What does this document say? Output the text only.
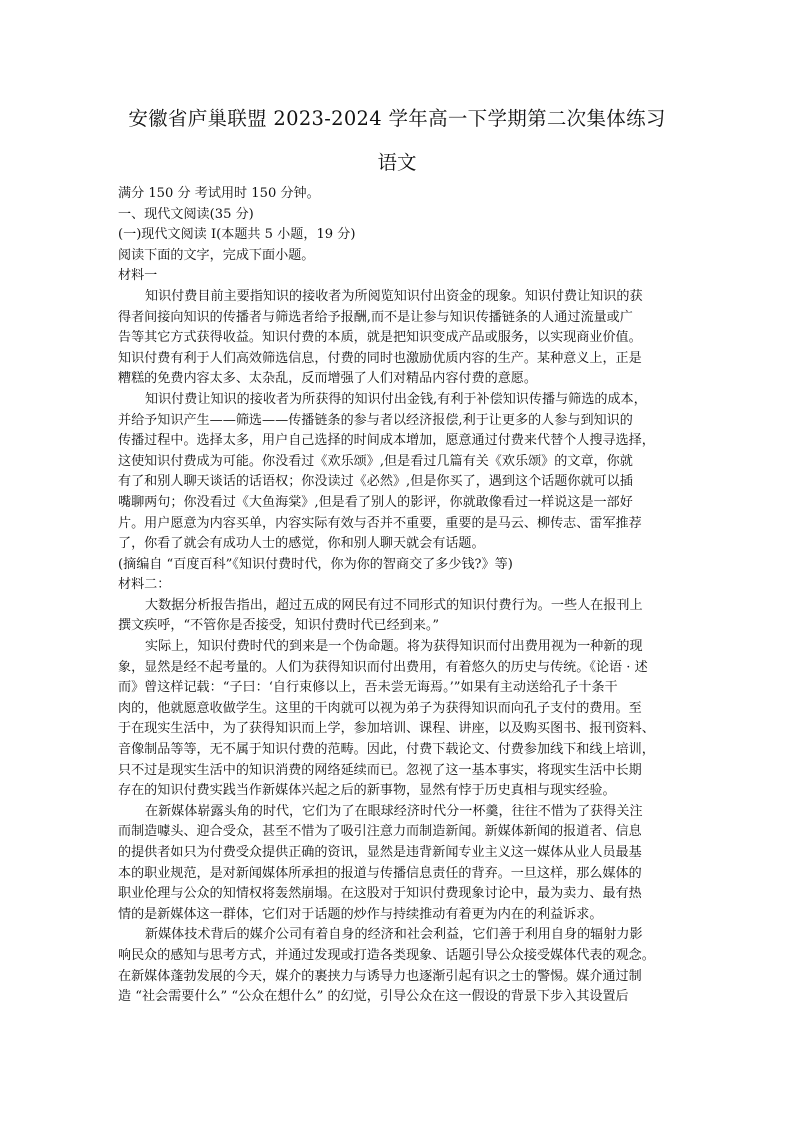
安徽省庐巢联盟 2023-2024 学年高一下学期第二次集体练习
语文
满分 150 分 考试用时 150 分钟。
一、现代文阅读(35 分)
(一)现代文阅读 I(本题共 5 小题，19 分)
阅读下面的文字，完成下面小题。
材料一
知识付费目前主要指知识的接收者为所阅览知识付出资金的现象。知识付费让知识的获
得者间接向知识的传播者与筛选者给予报酬,而不是让参与知识传播链条的人通过流量或广
告等其它方式获得收益。知识付费的本质，就是把知识变成产品或服务，以实现商业价值。
知识付费有利于人们高效筛选信息，付费的同时也激励优质内容的生产。某种意义上，正是
糟糕的免费内容太多、太杂乱，反而增强了人们对精品内容付费的意愿。
知识付费让知识的接收者为所获得的知识付出金钱,有利于补偿知识传播与筛选的成本，
并给予知识产生——筛选——传播链条的参与者以经济报偿,利于让更多的人参与到知识的
传播过程中。选择太多，用户自己选择的时间成本增加，愿意通过付费来代替个人搜寻选择，
这使知识付费成为可能。你没看过《欢乐颂》,但是看过几篇有关《欢乐颂》的文章，你就
有了和别人聊天谈话的话语权；你没读过《必然》,但是你买了，遇到这个话题你就可以插
嘴聊两句；你没看过《大鱼海棠》,但是看了别人的影评，你就敢像看过一样说这是一部好
片。用户愿意为内容买单，内容实际有效与否并不重要，重要的是马云、柳传志、雷军推荐
了，你看了就会有成功人士的感觉，你和别人聊天就会有话题。
(摘编自 “百度百科”《知识付费时代，你为你的智商交了多少钱?》等)
材料二：
大数据分析报告指出，超过五成的网民有过不同形式的知识付费行为。一些人在报刊上
撰文疾呼，“不管你是否接受，知识付费时代已经到来。”
实际上，知识付费时代的到来是一个伪命题。将为获得知识而付出费用视为一种新的现
象，显然是经不起考量的。人们为获得知识而付出费用，有着悠久的历史与传统。《论语 · 述
而》曾这样记载：“子曰：‘自行束修以上，吾未尝无诲焉。’”如果有主动送给孔子十条干
肉的，他就愿意收做学生。这里的干肉就可以视为弟子为获得知识而向孔子支付的费用。至
于在现实生活中，为了获得知识而上学，参加培训、课程、讲座，以及购买图书、报刊资料、
音像制品等等，无不属于知识付费的范畴。因此，付费下载论文、付费参加线下和线上培训，
只不过是现实生活中的知识消费的网络延续而已。忽视了这一基本事实，将现实生活中长期
存在的知识付费实践当作新媒体兴起之后的新事物，显然有悖于历史真相与现实经验。
在新媒体崭露头角的时代，它们为了在眼球经济时代分一杯羹，往往不惜为了获得关注
而制造噱头、迎合受众，甚至不惜为了吸引注意力而制造新闻。新媒体新闻的报道者、信息
的提供者如只为付费受众提供正确的资讯，显然是违背新闻专业主义这一媒体从业人员最基
本的职业规范，是对新闻媒体所承担的报道与传播信息责任的背弃。一旦这样，那么媒体的
职业伦理与公众的知情权将轰然崩塌。在这股对于知识付费现象讨论中，最为卖力、最有热
情的是新媒体这一群体，它们对于话题的炒作与持续推动有着更为内在的利益诉求。
新媒体技术背后的媒介公司有着自身的经济和社会利益，它们善于利用自身的辐射力影
响民众的感知与思考方式，并通过发现或打造各类现象、话题引导公众接受媒体代表的观念。
在新媒体蓬勃发展的今天，媒介的裹挟力与诱导力也逐渐引起有识之士的警惕。媒介通过制
造 “社会需要什么” “公众在想什么” 的幻觉，引导公众在这一假设的背景下步入其设置后
